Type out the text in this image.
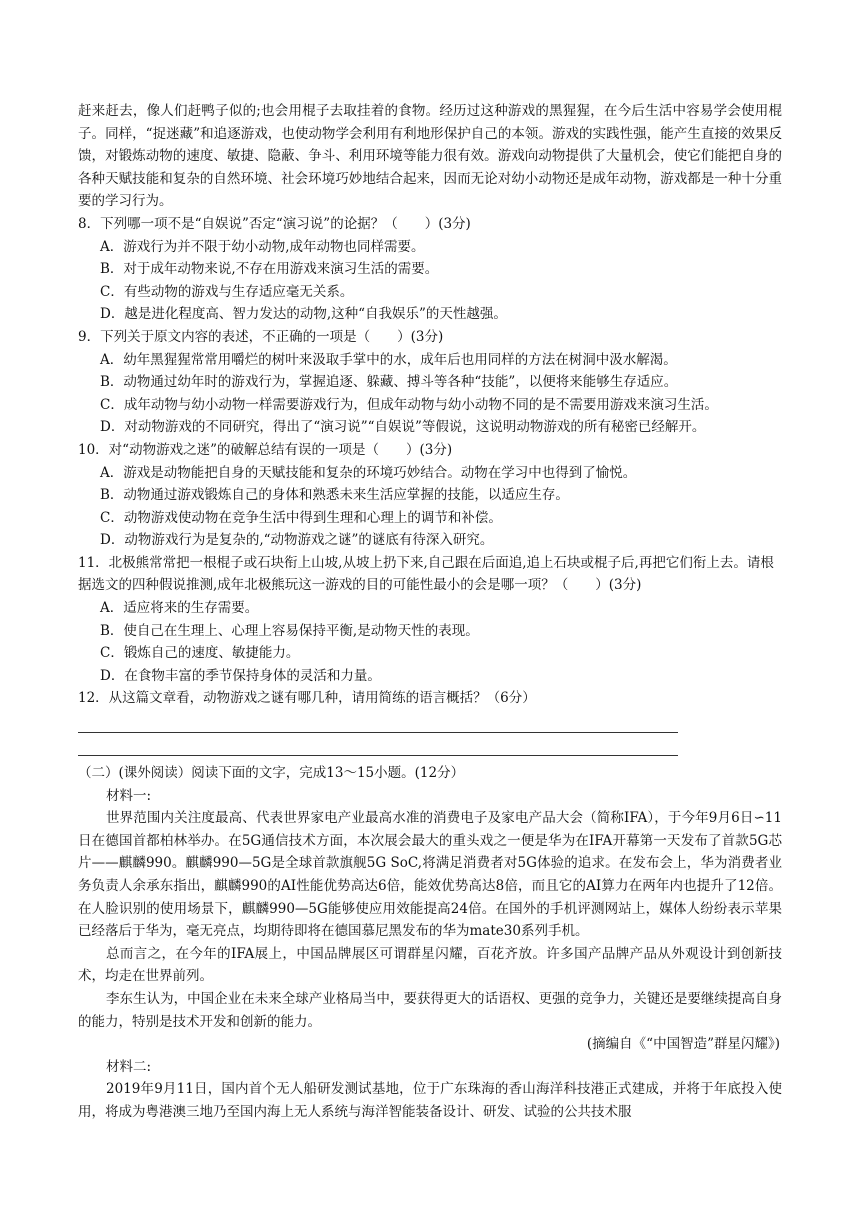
赶来赶去，像人们赶鸭子似的;也会用棍子去取挂着的食物。经历过这种游戏的黑猩猩，在今后生活中容易学会使用棍子。同样，“捉迷藏”和追逐游戏，也使动物学会利用有利地形保护自己的本领。游戏的实践性强，能产生直接的效果反馈，对锻炼动物的速度、敏捷、隐蔽、争斗、利用环境等能力很有效。游戏向动物提供了大量机会，使它们能把自身的各种天赋技能和复杂的自然环境、社会环境巧妙地结合起来，因而无论对幼小动物还是成年动物，游戏都是一种十分重要的学习行为。

8．下列哪一项不是“自娱说”否定“演习说”的论据？（　　）(3分)

A．游戏行为并不限于幼小动物,成年动物也同样需要。

B．对于成年动物来说,不存在用游戏来演习生活的需要。

C．有些动物的游戏与生存适应毫无关系。

D．越是进化程度高、智力发达的动物,这种“自我娱乐”的天性越强。

9．下列关于原文内容的表述，不正确的一项是（　　）(3分)

A．幼年黑猩猩常常用嚼烂的树叶来汲取手掌中的水，成年后也用同样的方法在树洞中汲水解渴。

B．动物通过幼年时的游戏行为，掌握追逐、躲藏、搏斗等各种“技能”，以便将来能够生存适应。

C．成年动物与幼小动物一样需要游戏行为，但成年动物与幼小动物不同的是不需要用游戏来演习生活。

D．对动物游戏的不同研究，得出了“演习说”“自娱说”等假说，这说明动物游戏的所有秘密已经解开。

10．对“动物游戏之迷”的破解总结有误的一项是（　　）(3分)

A．游戏是动物能把自身的天赋技能和复杂的环境巧妙结合。动物在学习中也得到了愉悦。

B．动物通过游戏锻炼自己的身体和熟悉未来生活应掌握的技能，以适应生存。

C．动物游戏使动物在竞争生活中得到生理和心理上的调节和补偿。

D．动物游戏行为是复杂的,“动物游戏之谜”的谜底有待深入研究。

11．北极熊常常把一根棍子或石块衔上山坡,从坡上扔下来,自己跟在后面追,追上石块或棍子后,再把它们衔上去。请根据选文的四种假说推测,成年北极熊玩这一游戏的目的可能性最小的会是哪一项？（　　）(3分)

A．适应将来的生存需要。

B．使自己在生理上、心理上容易保持平衡,是动物天性的表现。

C．锻炼自己的速度、敏捷能力。

D．在食物丰富的季节保持身体的灵活和力量。

12．从这篇文章看，动物游戏之谜有哪几种，请用简练的语言概括？（6分）

（二）(课外阅读）阅读下面的文字，完成13～15小题。(12分）

材料一:

世界范围内关注度最高、代表世界家电产业最高水准的消费电子及家电产品大会（简称IFA），于今年9月6日∽11日在德国首都柏林举办。在5G通信技术方面，本次展会最大的重头戏之一便是华为在IFA开幕第一天发布了首款5G芯片——麒麟990。麒麟990—5G是全球首款旗舰5G SoC,将满足消费者对5G体验的追求。在发布会上，华为消费者业务负责人余承东指出，麒麟990的AI性能优势高达6倍，能效优势高达8倍，而且它的AI算力在两年内也提升了12倍。在人脸识别的使用场景下，麒麟990—5G能够使应用效能提高24倍。在国外的手机评测网站上，媒体人纷纷表示苹果已经落后于华为，毫无亮点，均期待即将在德国慕尼黑发布的华为mate30系列手机。

总而言之，在今年的IFA展上，中国品牌展区可谓群星闪耀，百花齐放。许多国产品牌产品从外观设计到创新技术，均走在世界前列。

李东生认为，中国企业在未来全球产业格局当中，要获得更大的话语权、更强的竞争力，关键还是要继续提高自身的能力，特别是技术开发和创新的能力。

(摘编自《“中国智造”群星闪耀》)

材料二:

2019年9月11日，国内首个无人船研发测试基地，位于广东珠海的香山海洋科技港正式建成，并将于年底投入使用，将成为粤港澳三地乃至国内海上无人系统与海洋智能装备设计、研发、试验的公共技术服
